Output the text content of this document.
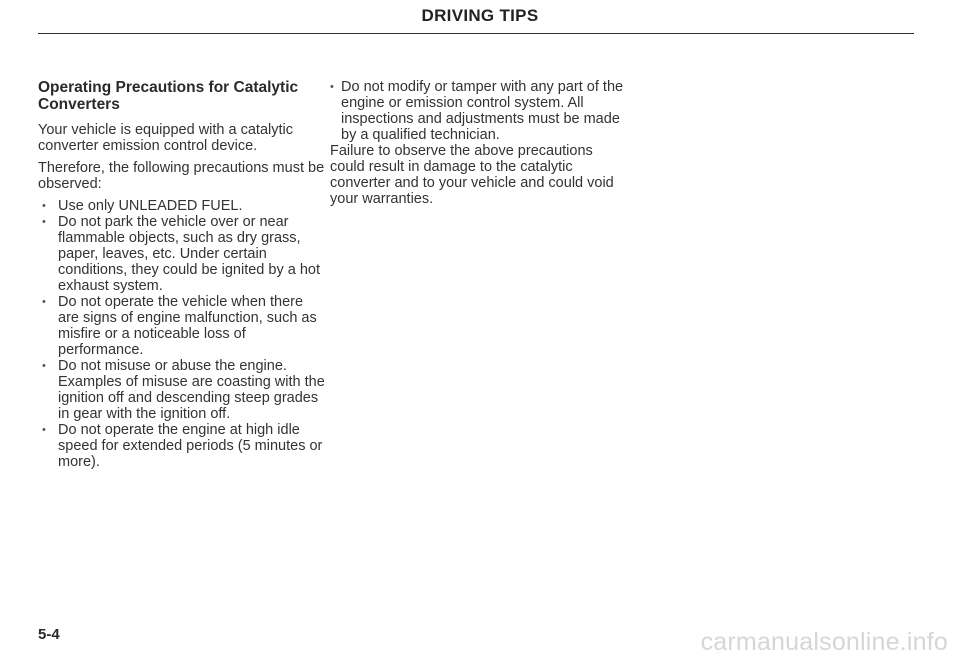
DRIVING TIPS
Operating Precautions for Catalytic Converters

Your vehicle is equipped with a catalytic converter emission control device.

Therefore, the following precautions must be observed:

• Use only UNLEADED FUEL.
• Do not park the vehicle over or near flammable objects, such as dry grass, paper, leaves, etc. Under certain conditions, they could be ignited by a hot exhaust system.
• Do not operate the vehicle when there are signs of engine malfunction, such as misfire or a noticeable loss of performance.
• Do not misuse or abuse the engine. Examples of misuse are coasting with the ignition off and descending steep grades in gear with the ignition off.
• Do not operate the engine at high idle speed for extended periods (5 minutes or more).
• Do not modify or tamper with any part of the engine or emission control system. All inspections and adjustments must be made by a qualified technician.

Failure to observe the above precautions could result in damage to the catalytic converter and to your vehicle and could void your warranties.

5-4	carmanualsonline.info
